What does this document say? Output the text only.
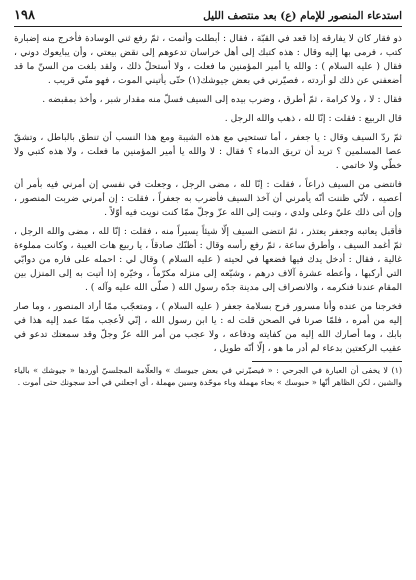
استدعاء المنصور للإمام (ع) بعد منتصف الليل
١٩٨

ذو فقار كان لا يفارقه إذا قعد في القبّة ، فقال : أبطلت وأثمت ، ثمّ رفع ثني الوسادة فأخرج منه إضبارة كتب ، فرمى بها إليه وقال : هذه كتبك إلى أهل خراسان تدعوهم إلى نقض بيعتي ، وأن يبايعوك دوني ، فقال ( عليه السلام ) : والله يا أمير المؤمنين ما فعلت ، ولا أستحلّ ذلك ، ولقد بلغت من السنّ ما قد أضعفني عن ذلك لو أردته ، فصيّرني في بعض جيوشك(١) حتّى يأتيني الموت ، فهو منّي قريب .

فقال : لا ، ولا كرامة ، ثمّ أطرق ، وضرب بيده إلى السيف فسلّ منه مقدار شبر ، وأخذ بمقبضه .

قال الربيع : فقلت : إنّا لله ، ذهب والله الرجل .

ثمّ ردّ السيف وقال : يا جعفر ، أما تستحيي مع هذه الشيبة ومع هذا النسب أن تنطق بالباطل ، وتشقّ عصا المسلمين ؟ تريد أن تريق الدماء ؟ فقال : لا والله يا أمير المؤمنين ما فعلت ، ولا هذه كتبي ولا خطّي ولا خاتمي .

فانتضى من السيف ذراعاً ، فقلت : إنّا لله ، مضى الرجل ، وجعلت في نفسي إن أمرني فيه بأمر أن أعصيه ، لأنّي ظننت أنّه يأمرني أن آخذ السيف فأضرب به جعفراً ، فقلت : إن أمرني ضربت المنصور ، وإن أتى ذلك عليّ وعلى ولدي ، وتبت إلى الله عزّ وجلّ ممّا كنت نويت فيه أوّلاً .

فأقبل يعاتبه وجعفر يعتذر ، ثمّ انتضى السيف إلّا شيئاً يسيراً منه ، فقلت : إنّا لله ، مضى والله الرجل ، ثمّ أغمد السيف ، وأطرق ساعة ، ثمّ رفع رأسه وقال : أظنّك صادقاً ، يا ربيع هات العيبة ، وكانت مملوءة غالية ، فقال : أدخل يدك فيها فضعها في لحيته ( عليه السلام ) وقال لي : احمله على فاره من دوابّي التي أركبها ، وأعطه عشرة آلاف درهم ، وشيّعه إلى منزله مكرّماً ، وخيّره إذا أتيت به إلى المنزل بين المقام عندنا فنكرمه ، والانصراف إلى مدينة جدّه رسول الله ( صلّى الله عليه وآله ) .

فخرجنا من عنده وأنا مسرور فرح بسلامة جعفر ( عليه السلام ) ، ومتعجّب ممّا أراد المنصور ، وما صار إليه من أمره ، فلمّا صرنا في الصحن قلت له : يا ابن رسول الله ، إنّي لأعجب ممّا عمد إليه هذا في بابك ، وما أصارك الله إليه من كفايته ودفاعه ، ولا عجب من أمر الله عزّ وجلّ وقد سمعتك تدعو في عقيب الركعتين بدعاء لم أدر ما هو ، إلّا أنّه طويل ،

(١) لا يخفى أن العبارة في الجرحي : « فيصيّرني في بعض جيوسك » والعلّامة المجلسيّ أوردها « جيوشك » بالياء والشين ، لكن الظاهر أنّها « حبوسك » بحاء مهملة وباء موحّدة وسين مهملة ، أي اجعلني في أحد سجونك حتى أموت .
